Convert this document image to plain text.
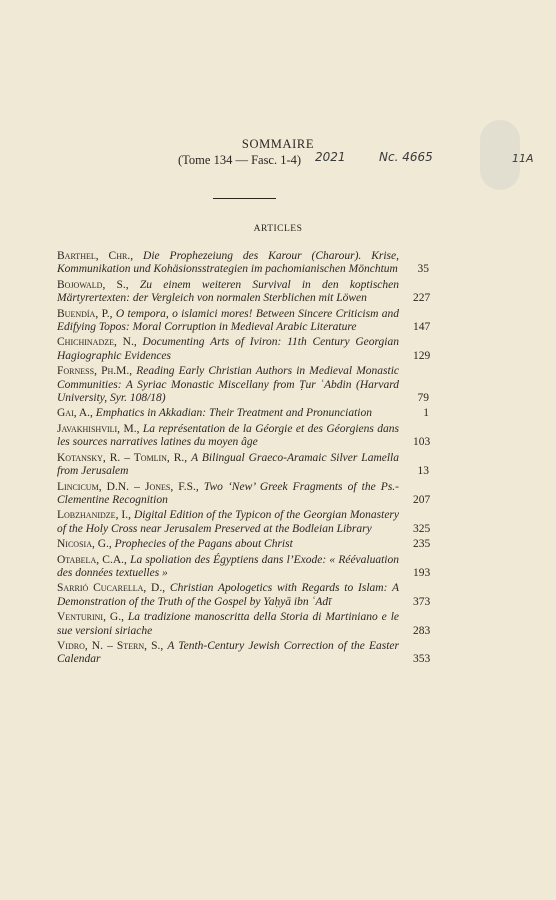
SOMMAIRE
(Tome 134 — Fasc. 1-4) 2021	Nc. 4665	11A
ARTICLES
Barthel, Chr., Die Prophezeiung des Karour (Charour). Krise, Kommunikation und Kohäsionsstrategien im pachomianischen Mönchtum	35
Bojowald, S., Zu einem weiteren Survival in den koptischen Märtyrertexten: der Vergleich von normalen Sterblichen mit Löwen	227
Buendía, P., O tempora, o islamici mores! Between Sincere Criticism and Edifying Topos: Moral Corruption in Medieval Arabic Literature	147
Chichinadze, N., Documenting Arts of Iviron: 11th Century Georgian Hagiographic Evidences	129
Forness, Ph.M., Reading Early Christian Authors in Medieval Monastic Communities: A Syriac Monastic Miscellany from Ṭur ʿAbdin (Harvard University, Syr. 108/18)	79
Gai, A., Emphatics in Akkadian: Their Treatment and Pronunciation	1
Javakhishvili, M., La représentation de la Géorgie et des Géorgiens dans les sources narratives latines du moyen âge	103
Kotansky, R. – Tomlin, R., A Bilingual Graeco-Aramaic Silver Lamella from Jerusalem	13
Lincicum, D.N. – Jones, F.S., Two ‘New’ Greek Fragments of the Ps.-Clementine Recognition	207
Lobzhanidze, I., Digital Edition of the Typicon of the Georgian Monastery of the Holy Cross near Jerusalem Preserved at the Bodleian Library	325
Nicosia, G., Prophecies of the Pagans about Christ	235
Otabela, C.A., La spoliation des Égyptiens dans l’Exode: « Réévaluation des données textuelles »	193
Sarrió Cucarella, D., Christian Apologetics with Regards to Islam: A Demonstration of the Truth of the Gospel by Yaḥyā ibn ʿAdī	373
Venturini, G., La tradizione manoscritta della Storia di Martiniano e le sue versioni siriache	283
Vidro, N. – Stern, S., A Tenth-Century Jewish Correction of the Easter Calendar	353
